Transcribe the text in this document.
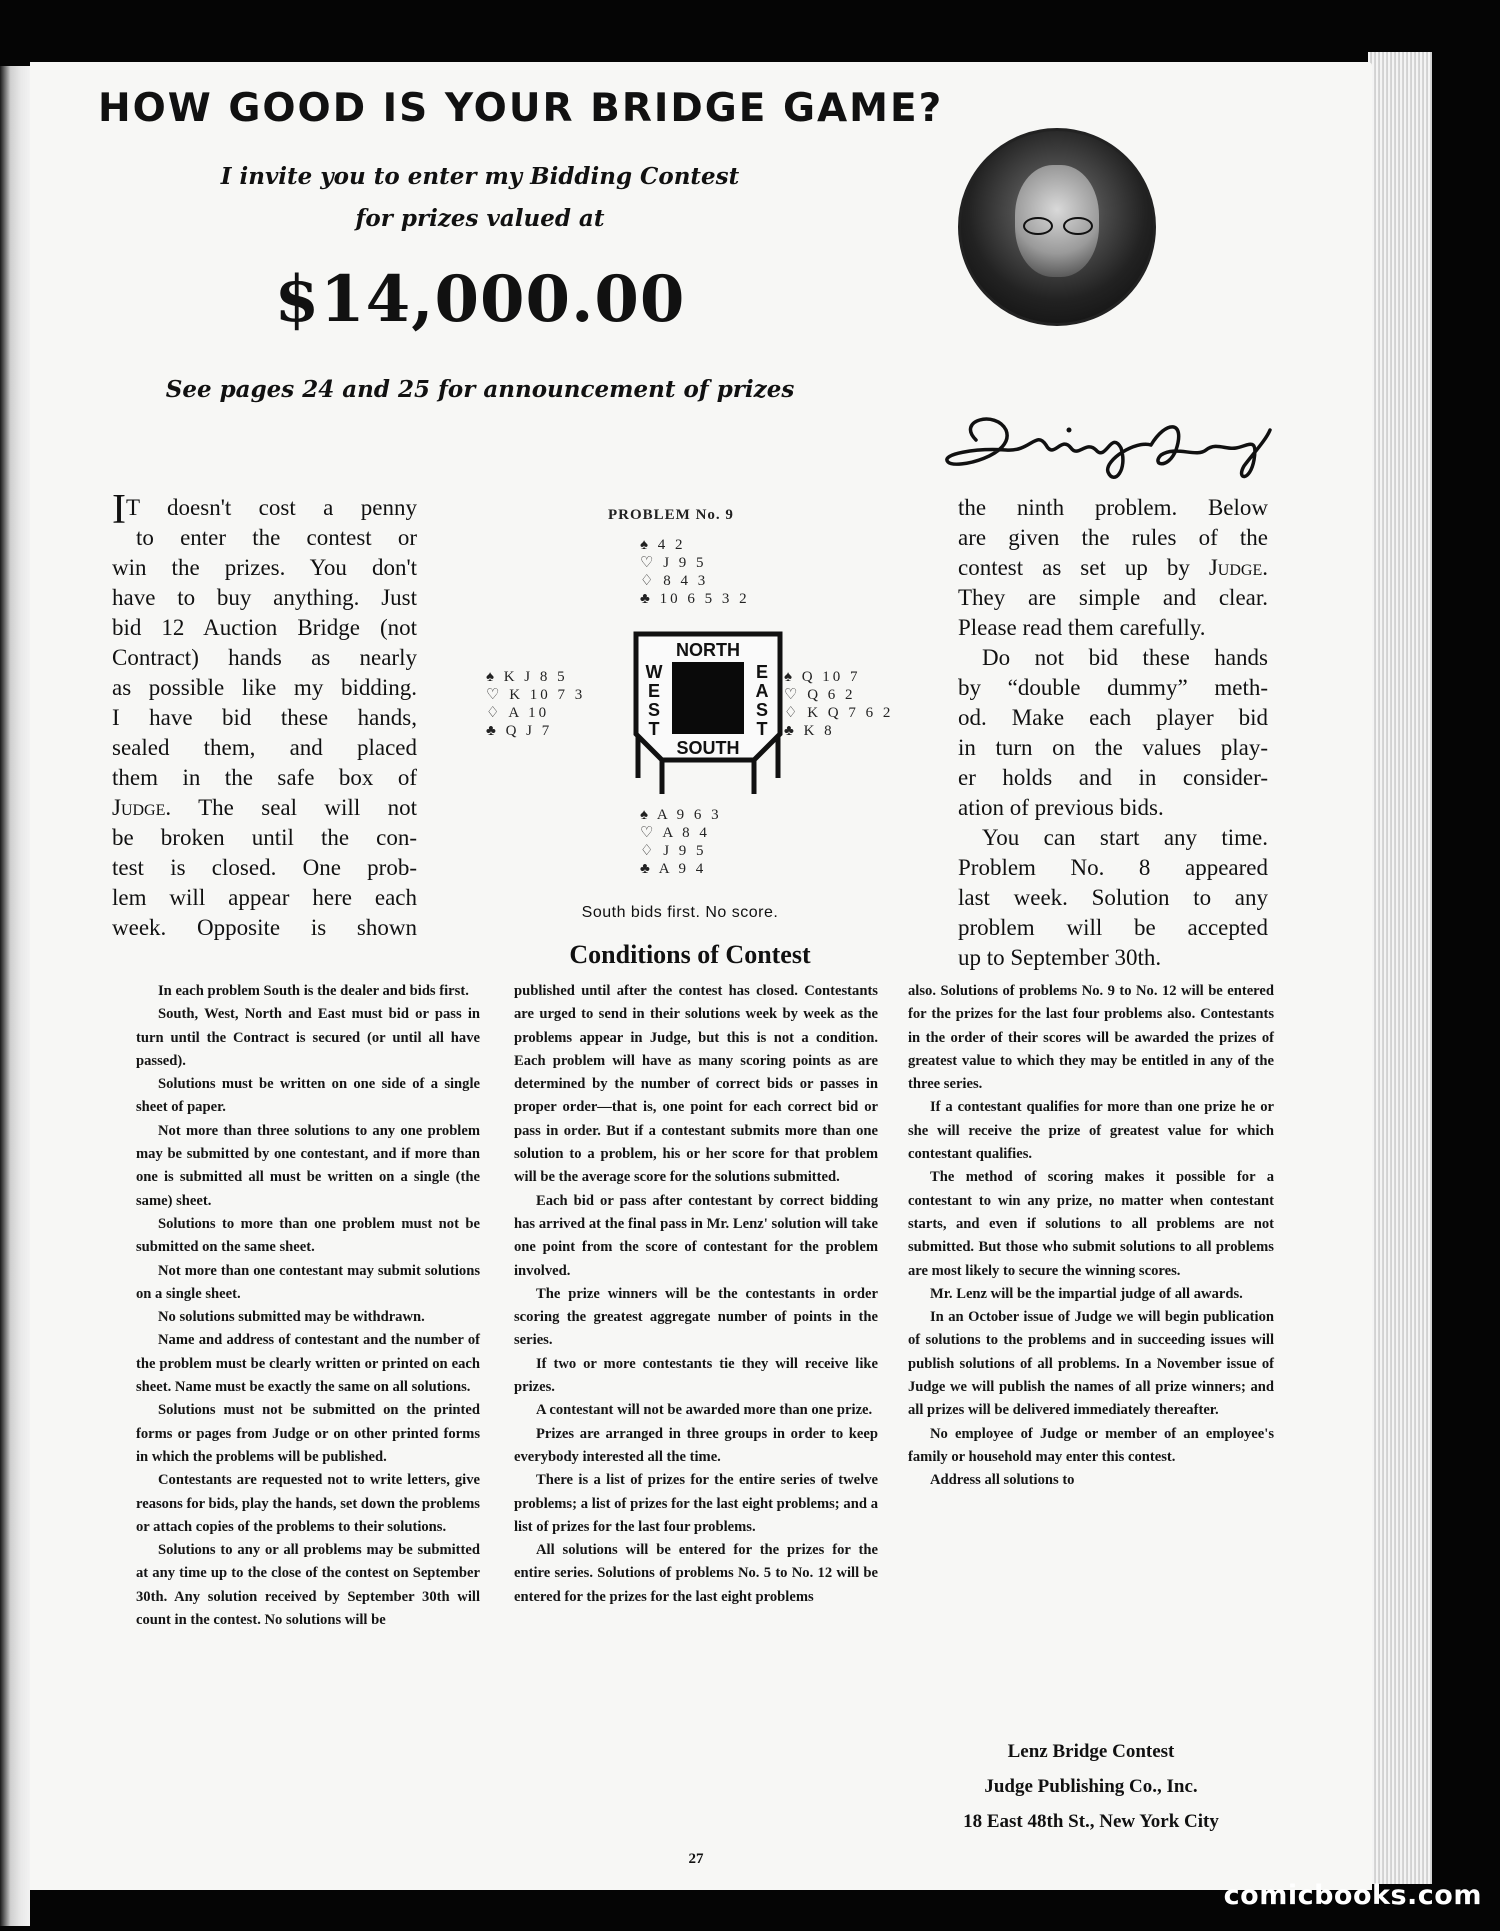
HOW GOOD IS YOUR BRIDGE GAME?
I invite you to enter my Bidding Contest
for prizes valued at
$14,000.00
See pages 24 and 25 for announcement of prizes
IT doesn't cost a penny
to enter the contest or
win the prizes. You don't
have to buy anything. Just
bid 12 Auction Bridge (not
Contract) hands as nearly
as possible like my bidding.
I have bid these hands,
sealed them, and placed
them in the safe box of
Judge. The seal will not
be broken until the con-
test is closed. One prob-
lem will appear here each
week. Opposite is shown
the ninth problem. Below
are given the rules of the
contest as set up by Judge.
They are simple and clear.
Please read them carefully.
Do not bid these hands
by “double dummy” meth-
od. Make each player bid
in turn on the values play-
er holds and in consider-
ation of previous bids.
You can start any time.
Problem No. 8 appeared
last week. Solution to any
problem will be accepted
up to September 30th.
PROBLEM No. 9
♠ 4 2
♡ J 9 5
♢ 8 4 3
♣ 10 6 5 3 2
♠ K J 8 5
♡ K 10 7 3
♢ A 10
♣ Q J 7
♠ Q 10 7
♡ Q 6 2
♢ K Q 7 6 2
♣ K 8
♠ A 9 6 3
♡ A 8 4
♢ J 9 5
♣ A 9 4
NORTH
SOUTH
W
E
S
T
E
A
S
T
South bids first. No score.
Conditions of Contest

In each problem South is the dealer and bids first.

South, West, North and East must bid or pass in turn until the Contract is secured (or until all have passed).

Solutions must be written on one side of a single sheet of paper.

Not more than three solutions to any one problem may be submitted by one contestant, and if more than one is submitted all must be written on a single (the same) sheet.

Solutions to more than one problem must not be submitted on the same sheet.

Not more than one contestant may submit solutions on a single sheet.

No solutions submitted may be withdrawn.

Name and address of contestant and the number of the problem must be clearly written or printed on each sheet. Name must be exactly the same on all solutions.

Solutions must not be submitted on the printed forms or pages from Judge or on other printed forms in which the problems will be published.

Contestants are requested not to write letters, give reasons for bids, play the hands, set down the problems or attach copies of the problems to their solutions.

Solutions to any or all problems may be submitted at any time up to the close of the contest on September 30th. Any solution received by September 30th will count in the contest. No solutions will be

published until after the contest has closed. Contestants are urged to send in their solutions week by week as the problems appear in Judge, but this is not a condition. Each problem will have as many scoring points as are determined by the number of correct bids or passes in proper order—that is, one point for each correct bid or pass in order. But if a contestant submits more than one solution to a problem, his or her score for that problem will be the average score for the solutions submitted.

Each bid or pass after contestant by correct bidding has arrived at the final pass in Mr. Lenz' solution will take one point from the score of contestant for the problem involved.

The prize winners will be the contestants in order scoring the greatest aggregate number of points in the series.

If two or more contestants tie they will receive like prizes.

A contestant will not be awarded more than one prize.

Prizes are arranged in three groups in order to keep everybody interested all the time.

There is a list of prizes for the entire series of twelve problems; a list of prizes for the last eight problems; and a list of prizes for the last four problems.

All solutions will be entered for the prizes for the entire series. Solutions of problems No. 5 to No. 12 will be entered for the prizes for the last eight problems

also. Solutions of problems No. 9 to No. 12 will be entered for the prizes for the last four problems also. Contestants in the order of their scores will be awarded the prizes of greatest value to which they may be entitled in any of the three series.

If a contestant qualifies for more than one prize he or she will receive the prize of greatest value for which contestant qualifies.

The method of scoring makes it possible for a contestant to win any prize, no matter when contestant starts, and even if solutions to all problems are not submitted. But those who submit solutions to all problems are most likely to secure the winning scores.

Mr. Lenz will be the impartial judge of all awards.

In an October issue of Judge we will begin publication of solutions to the problems and in succeeding issues will publish solutions of all problems. In a November issue of Judge we will publish the names of all prize winners; and all prizes will be delivered immediately thereafter.

No employee of Judge or member of an employee's family or household may enter this contest.

Address all solutions to

Lenz Bridge Contest
Judge Publishing Co., Inc.
18 East 48th St., New York City
27
comicbooks.com
